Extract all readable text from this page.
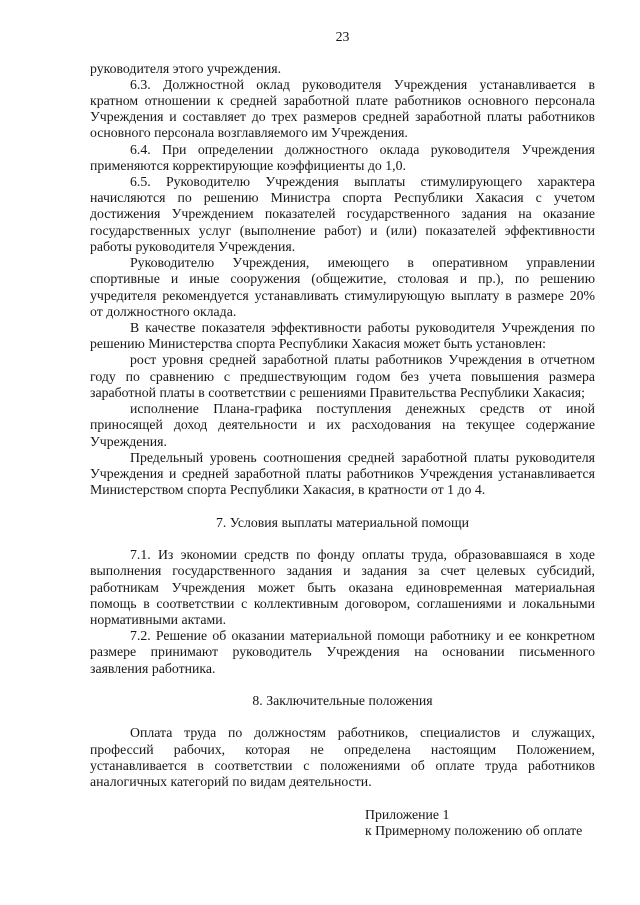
23
руководителя этого учреждения.
6.3. Должностной оклад руководителя Учреждения устанавливается в
кратном отношении к средней заработной плате работников основного персонала
Учреждения и составляет до трех размеров средней заработной платы работников
основного персонала возглавляемого им Учреждения.
6.4. При определении должностного оклада руководителя Учреждения
применяются корректирующие коэффициенты до 1,0.
6.5. Руководителю Учреждения выплаты стимулирующего характера
начисляются по решению Министра спорта Республики Хакасия с учетом
достижения Учреждением показателей государственного задания на оказание
государственных услуг (выполнение работ) и (или) показателей эффективности
работы руководителя Учреждения.
Руководителю Учреждения, имеющего в оперативном управлении
спортивные и иные сооружения (общежитие, столовая и пр.), по решению
учредителя рекомендуется устанавливать стимулирующую выплату в размере 20%
от должностного оклада.
В качестве показателя эффективности работы руководителя Учреждения по
решению Министерства спорта Республики Хакасия может быть установлен:
рост уровня средней заработной платы работников Учреждения в отчетном
году по сравнению с предшествующим годом без учета повышения размера
заработной платы в соответствии с решениями Правительства Республики Хакасия;
исполнение Плана-графика поступления денежных средств от иной
приносящей доход деятельности и их расходования на текущее содержание
Учреждения.
Предельный уровень соотношения средней заработной платы руководителя
Учреждения и средней заработной платы работников Учреждения устанавливается
Министерством спорта Республики Хакасия, в кратности от 1 до 4.
7. Условия выплаты материальной помощи
7.1. Из экономии средств по фонду оплаты труда, образовавшаяся в ходе
выполнения государственного задания и задания за счет целевых субсидий,
работникам Учреждения может быть оказана единовременная материальная
помощь в соответствии с коллективным договором, соглашениями и локальными
нормативными актами.
7.2. Решение об оказании материальной помощи работнику и ее конкретном
размере принимают руководитель Учреждения на основании письменного
заявления работника.
8. Заключительные положения
Оплата труда по должностям работников, специалистов и служащих,
профессий рабочих, которая не определена настоящим Положением,
устанавливается в соответствии с положениями об оплате труда работников
аналогичных категорий по видам деятельности.
Приложение 1
к Примерному положению об оплате
